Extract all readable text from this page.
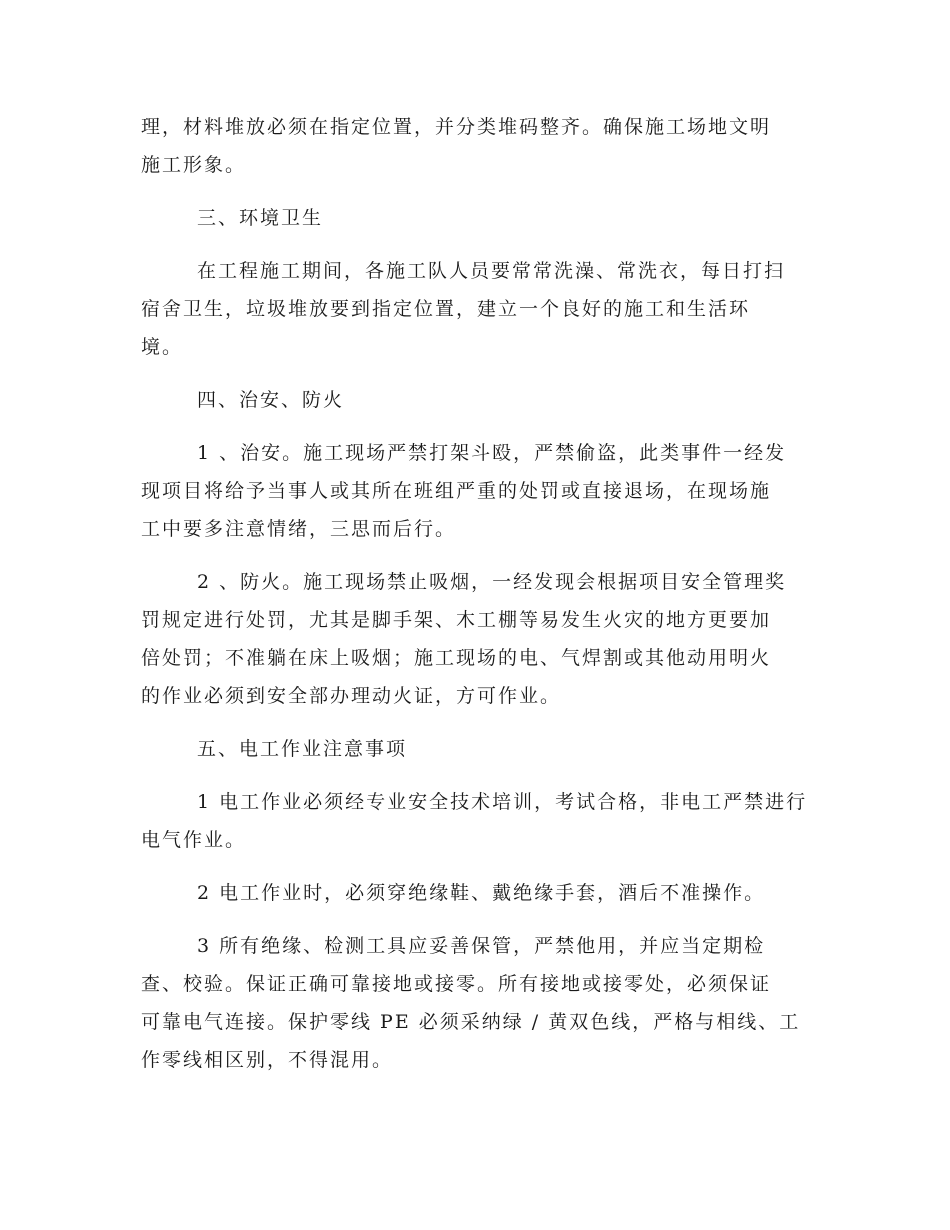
理，材料堆放必须在指定位置，并分类堆码整齐。确保施工场地文明
施工形象。

三、环境卫生

在工程施工期间，各施工队人员要常常洗澡、常洗衣，每日打扫
宿舍卫生，垃圾堆放要到指定位置，建立一个良好的施工和生活环
境。

四、治安、防火

1 、治安。施工现场严禁打架斗殴，严禁偷盗，此类事件一经发
现项目将给予当事人或其所在班组严重的处罚或直接退场，在现场施
工中要多注意情绪，三思而后行。

2 、防火。施工现场禁止吸烟，一经发现会根据项目安全管理奖
罚规定进行处罚，尤其是脚手架、木工棚等易发生火灾的地方更要加
倍处罚；不准躺在床上吸烟；施工现场的电、气焊割或其他动用明火
的作业必须到安全部办理动火证，方可作业。

五、电工作业注意事项

1 电工作业必须经专业安全技术培训，考试合格，非电工严禁进行
电气作业。

2 电工作业时，必须穿绝缘鞋、戴绝缘手套，酒后不准操作。

3 所有绝缘、检测工具应妥善保管，严禁他用，并应当定期检
查、校验。保证正确可靠接地或接零。所有接地或接零处，必须保证
可靠电气连接。保护零线 PE 必须采纳绿 / 黄双色线，严格与相线、工
作零线相区别，不得混用。
